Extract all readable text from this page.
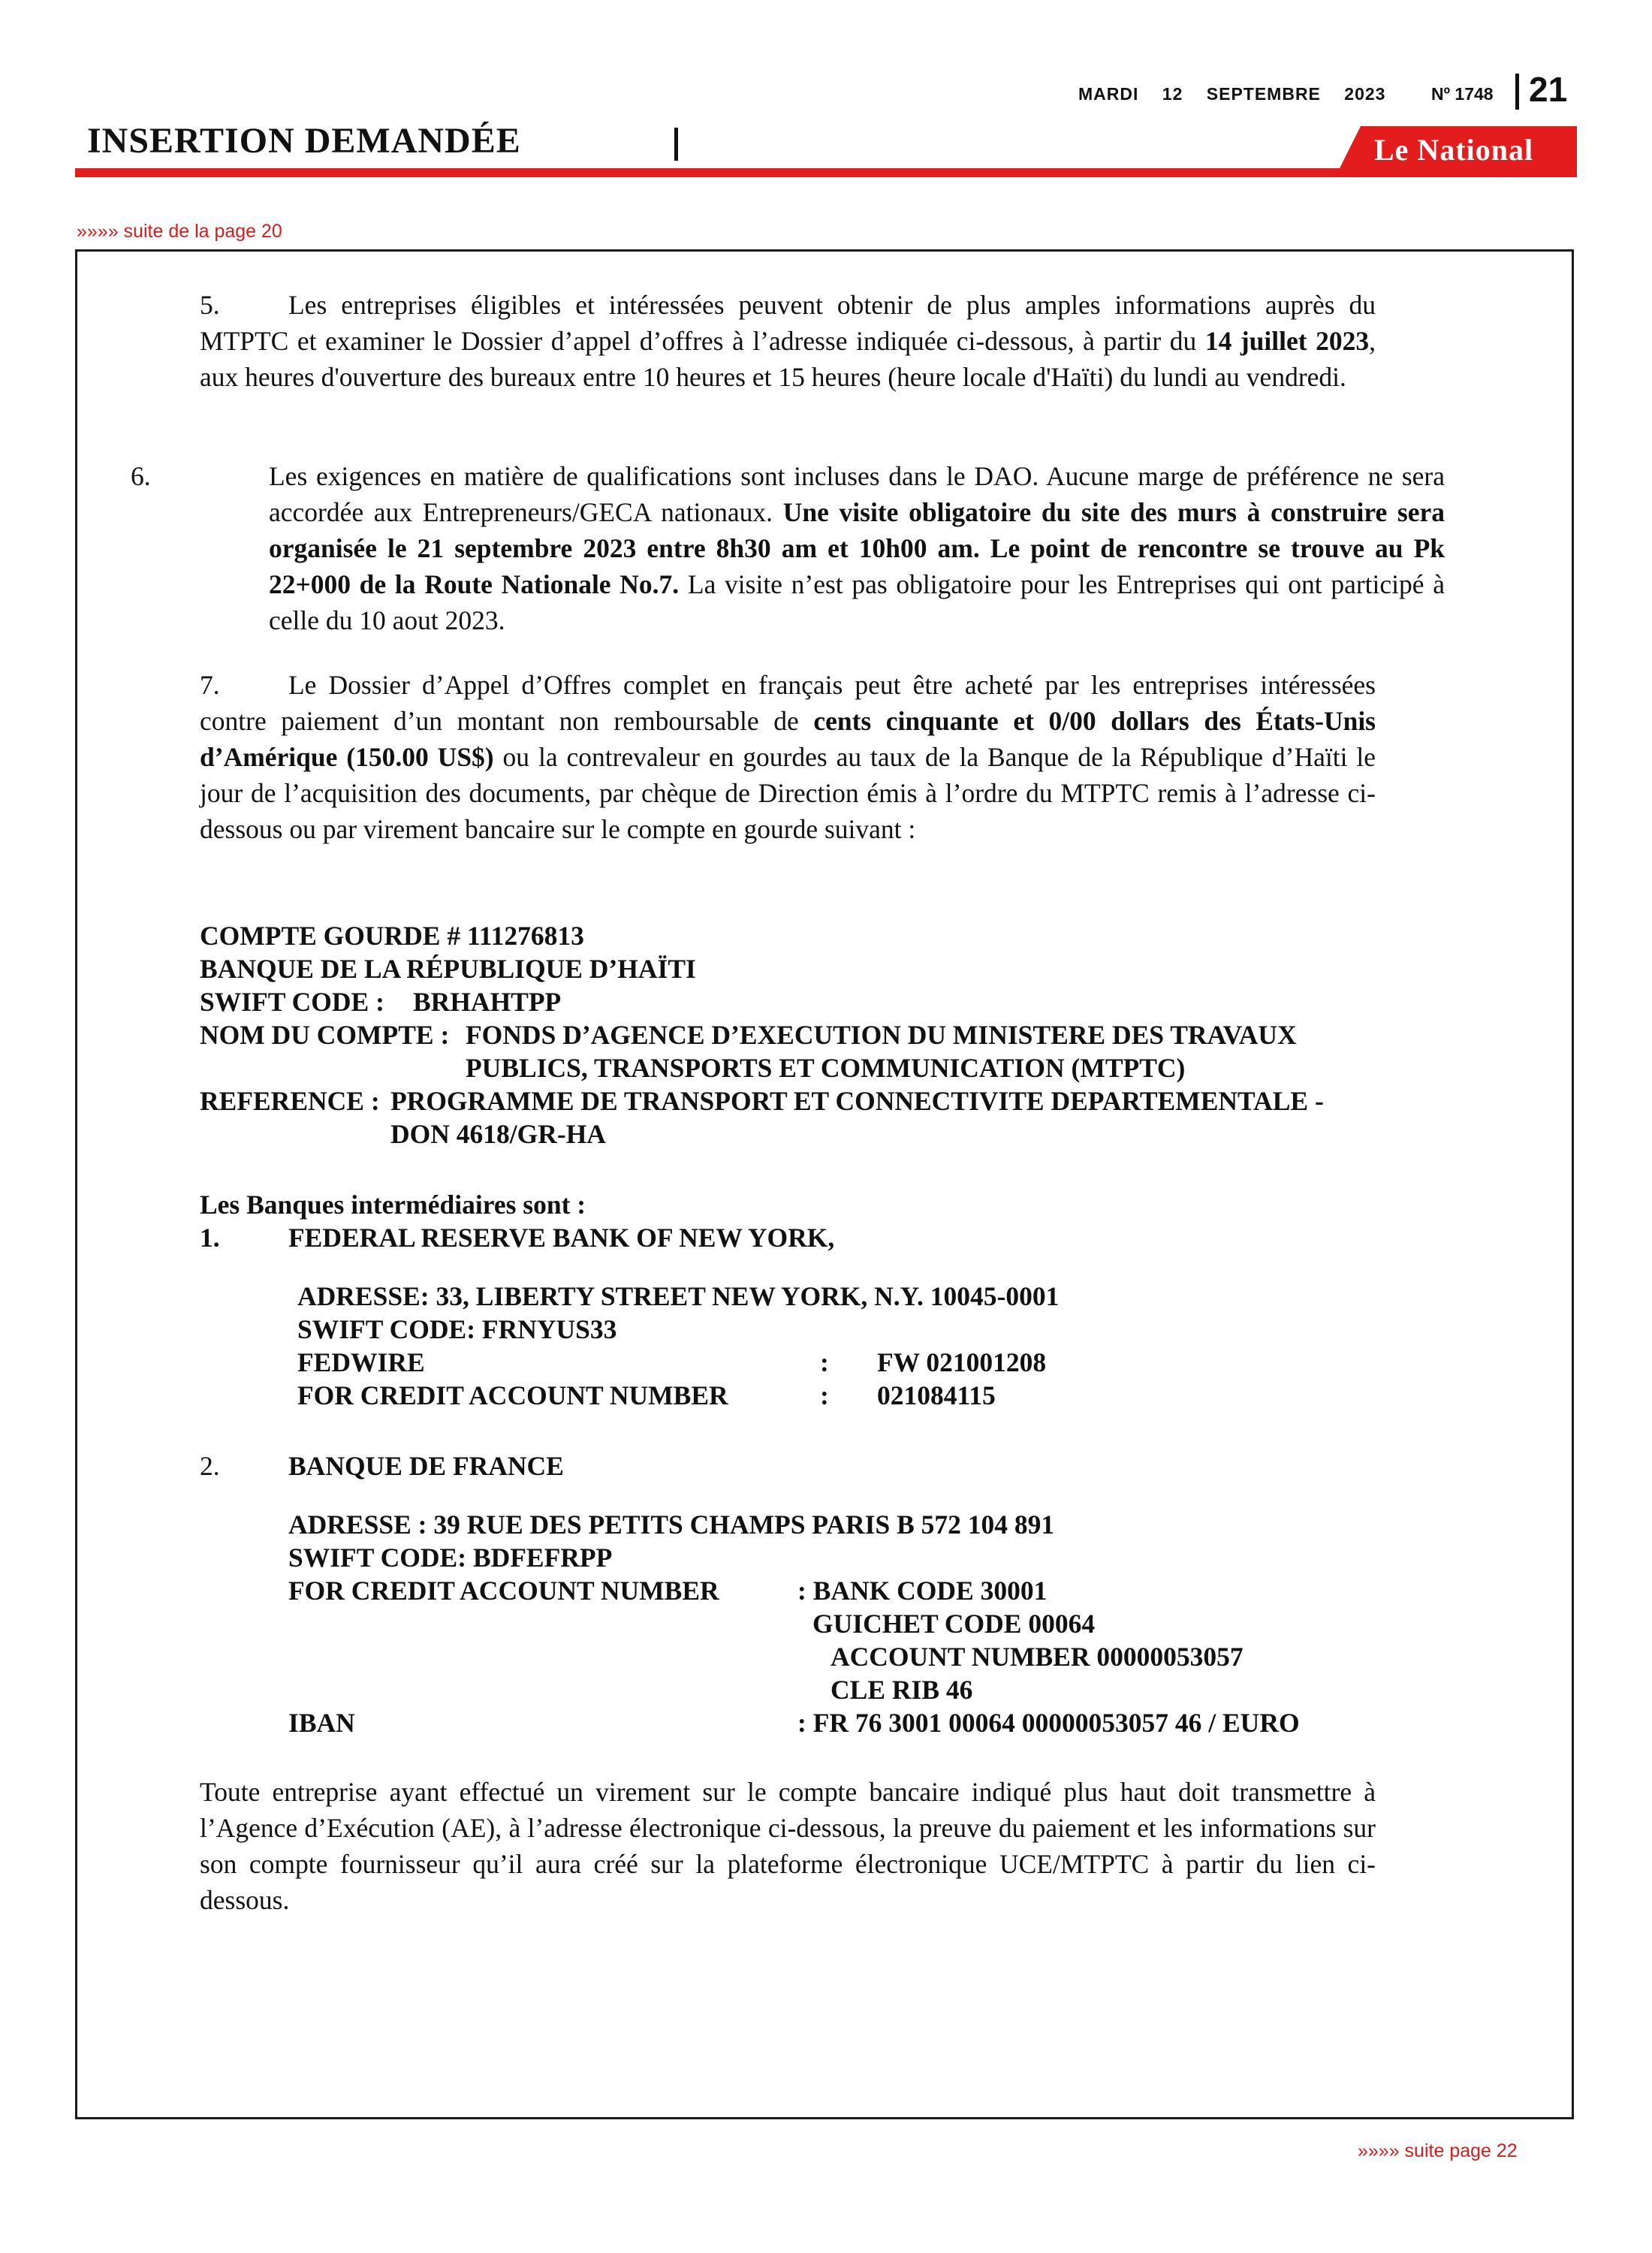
MARDI 12 SEPTEMBRE 2023	Nº 1748 21
INSERTION DEMANDÉE	Le National
»»»» suite de la page 20
5.	Les entreprises éligibles et intéressées peuvent obtenir de plus amples informations auprès du MTPTC et examiner le Dossier d’appel d’offres à l’adresse indiquée ci-dessous, à partir du 14 juillet 2023, aux heures d'ouverture des bureaux entre 10 heures et 15 heures (heure locale d'Haïti) du lundi au vendredi.
6.	Les exigences en matière de qualifications sont incluses dans le DAO. Aucune marge de préférence ne sera accordée aux Entrepreneurs/GECA nationaux. Une visite obligatoire du site des murs à construire sera organisée le 21 septembre 2023 entre 8h30 am et 10h00 am. Le point de rencontre se trouve au Pk 22+000 de la Route Nationale No.7. La visite n’est pas obligatoire pour les Entreprises qui ont participé à celle du 10 aout 2023.
7.	Le Dossier d’Appel d’Offres complet en français peut être acheté par les entreprises intéressées contre paiement d’un montant non remboursable de cents cinquante et 0/00 dollars des États-Unis d’Amérique (150.00 US$) ou la contrevaleur en gourdes au taux de la Banque de la République d’Haïti le jour de l’acquisition des documents, par chèque de Direction émis à l’ordre du MTPTC remis à l’adresse ci-dessous ou par virement bancaire sur le compte en gourde suivant :
COMPTE GOURDE # 111276813
BANQUE DE LA RÉPUBLIQUE D’HAÏTI
SWIFT CODE : BRHAHTPP
NOM DU COMPTE : FONDS D’AGENCE D’EXECUTION DU MINISTERE DES TRAVAUX
PUBLICS, TRANSPORTS ET COMMUNICATION (MTPTC)
REFERENCE : PROGRAMME DE TRANSPORT ET CONNECTIVITE DEPARTEMENTALE -
DON 4618/GR-HA
Les Banques intermédiaires sont :
1.	FEDERAL RESERVE BANK OF NEW YORK,
ADRESSE: 33, LIBERTY STREET NEW YORK, N.Y. 10045-0001
SWIFT CODE: FRNYUS33
FEDWIRE	: FW 021001208
FOR CREDIT ACCOUNT NUMBER	: 021084115
2.	BANQUE DE FRANCE
ADRESSE : 39 RUE DES PETITS CHAMPS PARIS B 572 104 891
SWIFT CODE: BDFEFRPP
FOR CREDIT ACCOUNT NUMBER	: BANK CODE 30001
GUICHET CODE 00064
ACCOUNT NUMBER 00000053057
CLE RIB 46
IBAN	: FR 76 3001 00064 00000053057 46 / EURO
Toute entreprise ayant effectué un virement sur le compte bancaire indiqué plus haut doit transmettre à l’Agence d’Exécution (AE), à l’adresse électronique ci-dessous, la preuve du paiement et les informations sur son compte fournisseur qu’il aura créé sur la plateforme électronique UCE/MTPTC à partir du lien ci-dessous.
»»»» suite page 22
